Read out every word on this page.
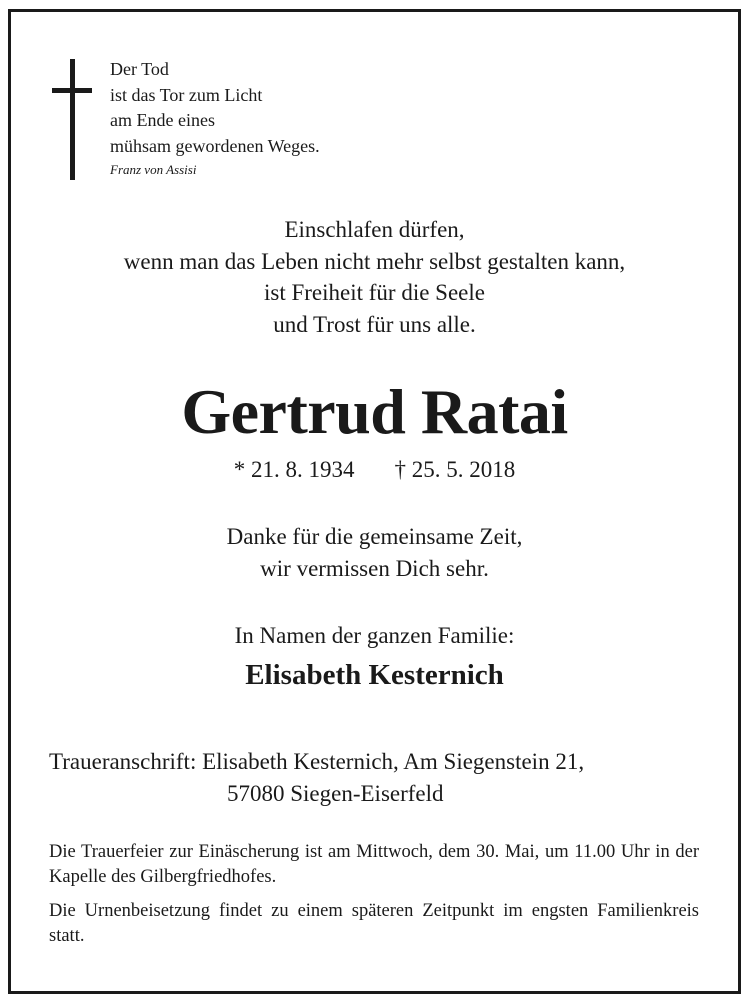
Der Tod
ist das Tor zum Licht
am Ende eines
mühsam gewordenen Weges.
Franz von Assisi
Einschlafen dürfen,
wenn man das Leben nicht mehr selbst gestalten kann,
ist Freiheit für die Seele
und Trost für uns alle.
Gertrud Ratai
* 21. 8. 1934 † 25. 5. 2018
Danke für die gemeinsame Zeit,
wir vermissen Dich sehr.
In Namen der ganzen Familie:
Elisabeth Kesternich
Traueranschrift: Elisabeth Kesternich, Am Siegenstein 21,
57080 Siegen-Eiserfeld
Die Trauerfeier zur Einäscherung ist am Mittwoch, dem 30. Mai, um 11.00 Uhr in der Kapelle des Gilbergfriedhofes.
Die Urnenbeisetzung findet zu einem späteren Zeitpunkt im engsten Familienkreis statt.
